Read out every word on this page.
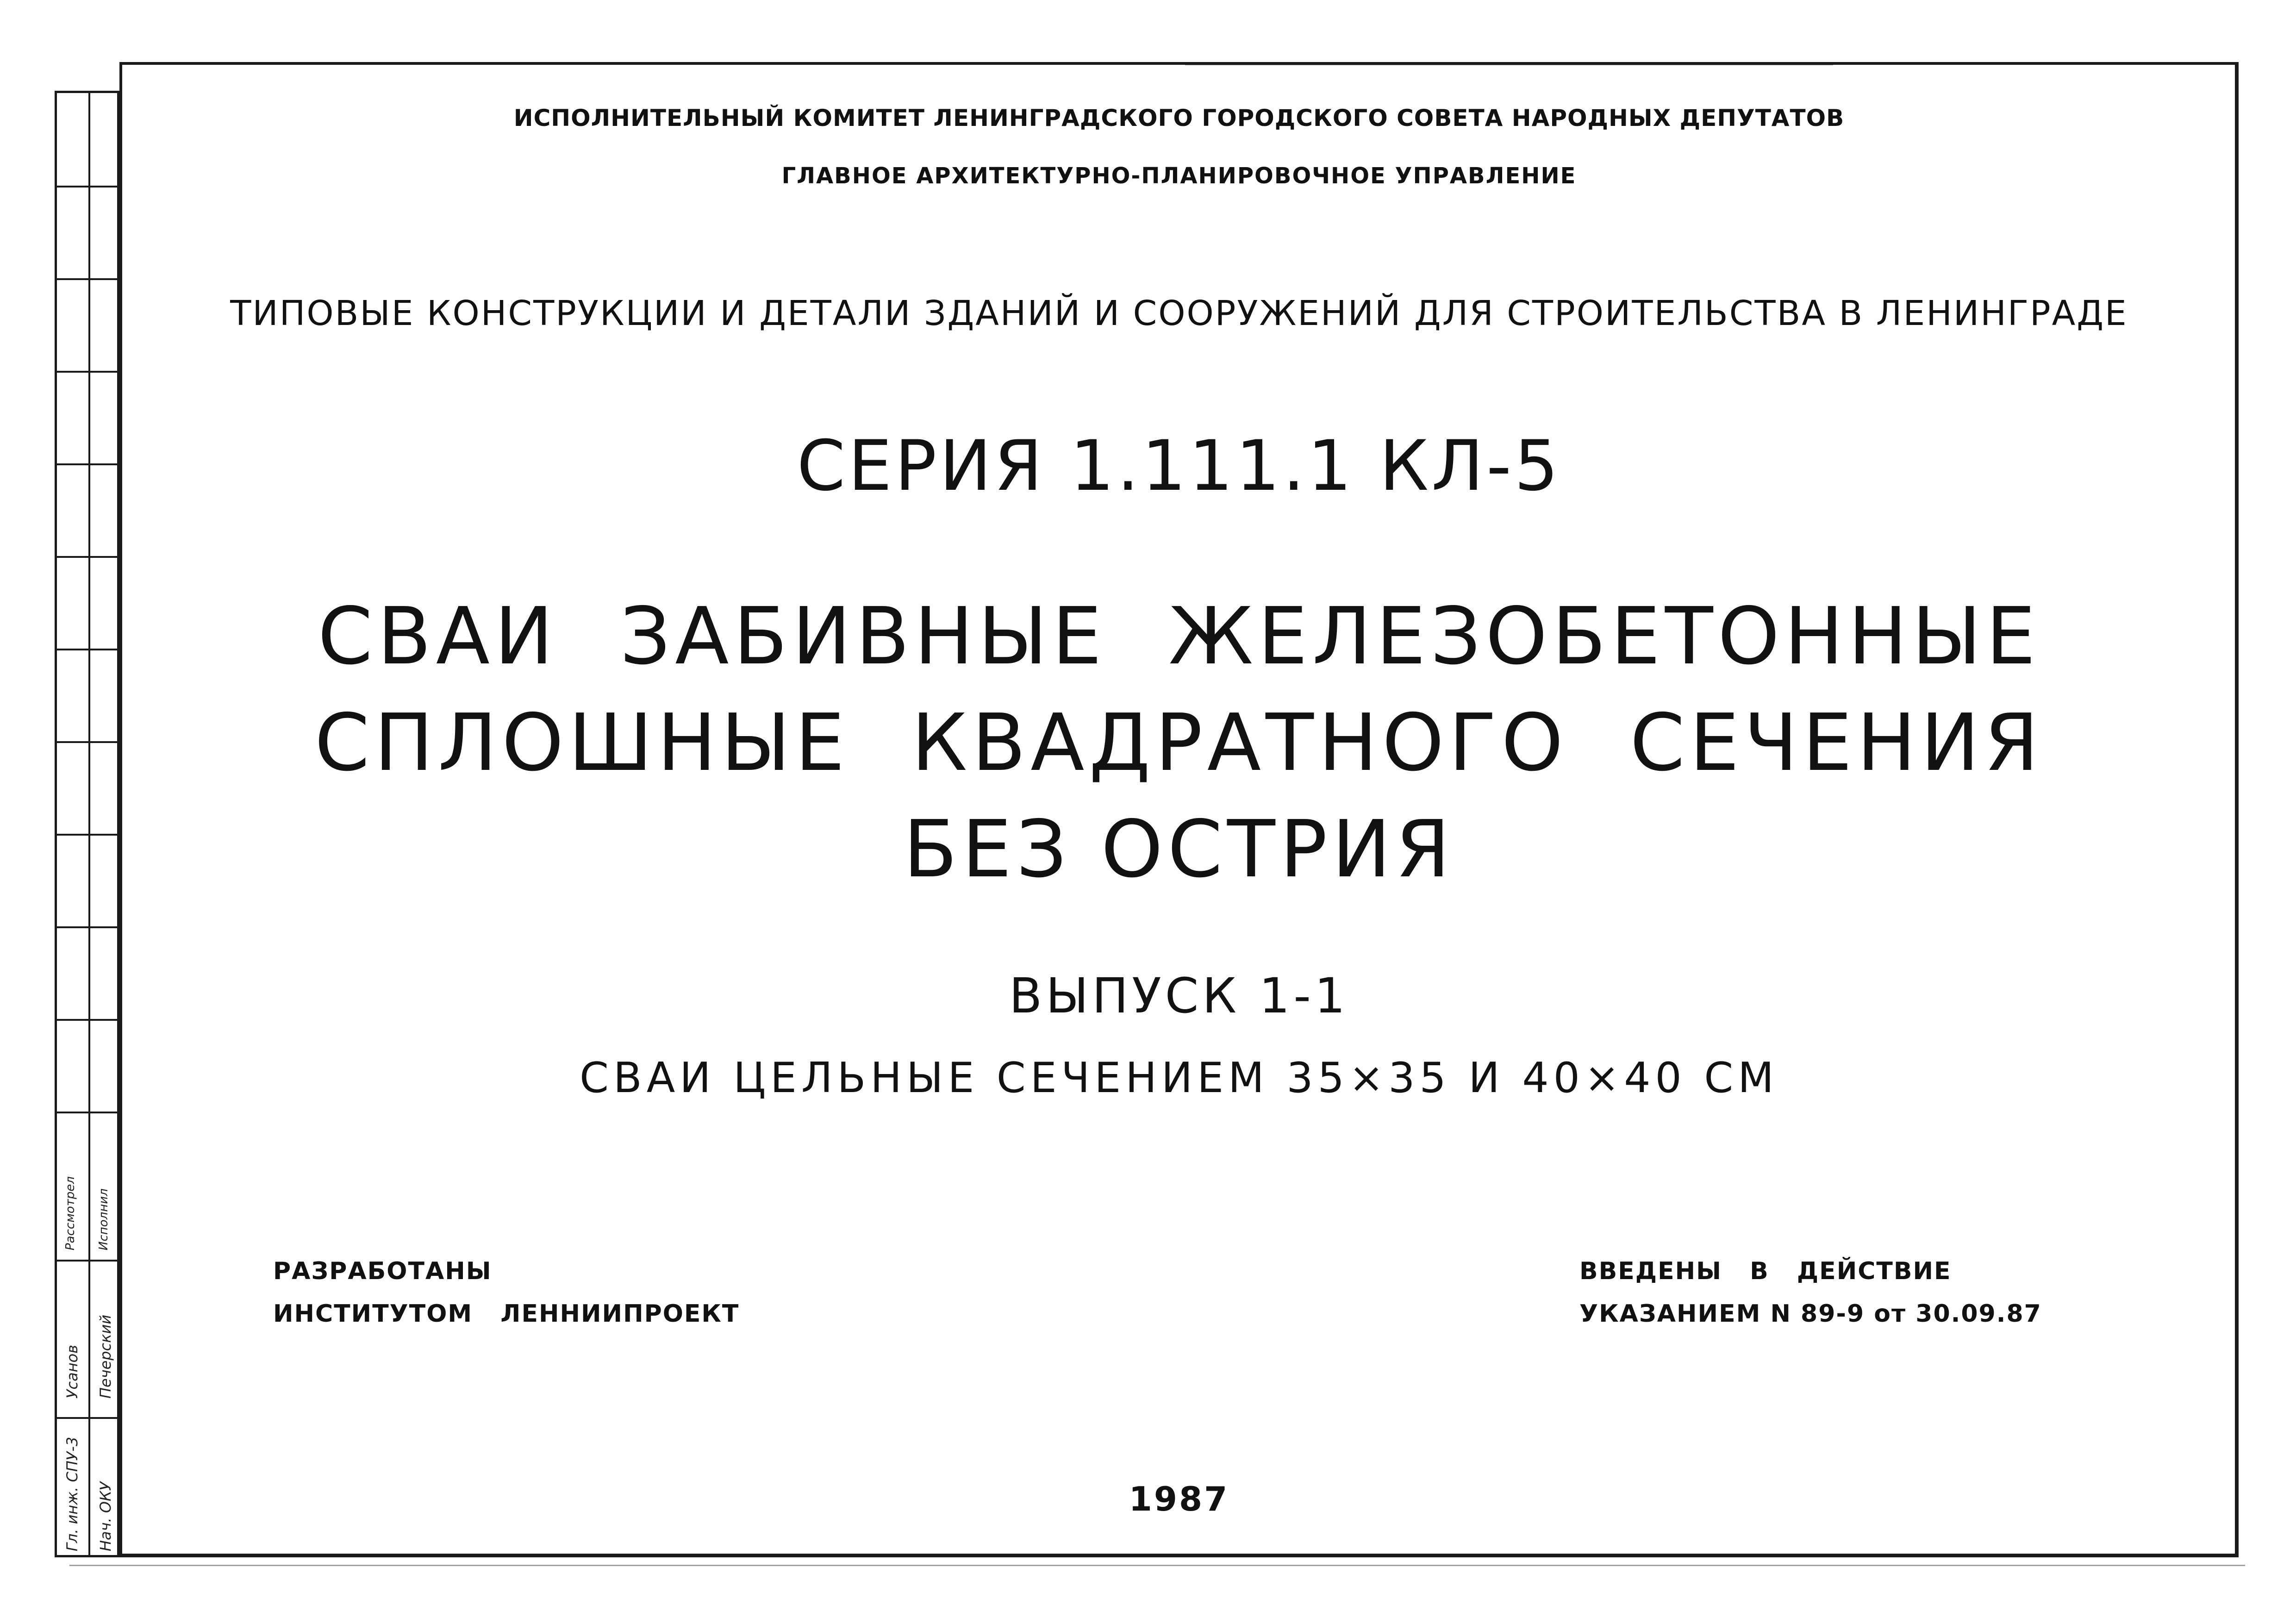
Гл. инж. СПУ-3 Нач. ОКУ
Усанов Печерский
Рассмотрел Исполнил
ИСПОЛНИТЕЛЬНЫЙ КОМИТЕТ ЛЕНИНГРАДСКОГО ГОРОДСКОГО СОВЕТА НАРОДНЫХ ДЕПУТАТОВ
ГЛАВНОЕ АРХИТЕКТУРНО-ПЛАНИРОВОЧНОЕ УПРАВЛЕНИЕ
ТИПОВЫЕ КОНСТРУКЦИИ И ДЕТАЛИ ЗДАНИЙ И СООРУЖЕНИЙ ДЛЯ СТРОИТЕЛЬСТВА В ЛЕНИНГРАДЕ
СЕРИЯ 1.111.1 КЛ-5
СВАИ ЗАБИВНЫЕ ЖЕЛЕЗОБЕТОННЫЕ
СПЛОШНЫЕ КВАДРАТНОГО СЕЧЕНИЯ
БЕЗ ОСТРИЯ
ВЫПУСК 1-1
СВАИ ЦЕЛЬНЫЕ СЕЧЕНИЕМ 35×35 И 40×40 СМ
РАЗРАБОТАНЫ
ИНСТИТУТОМ ЛЕННИИПРОЕКТ
ВВЕДЕНЫ В ДЕЙСТВИЕ
УКАЗАНИЕМ N 89-9 от 30.09.87
1987
